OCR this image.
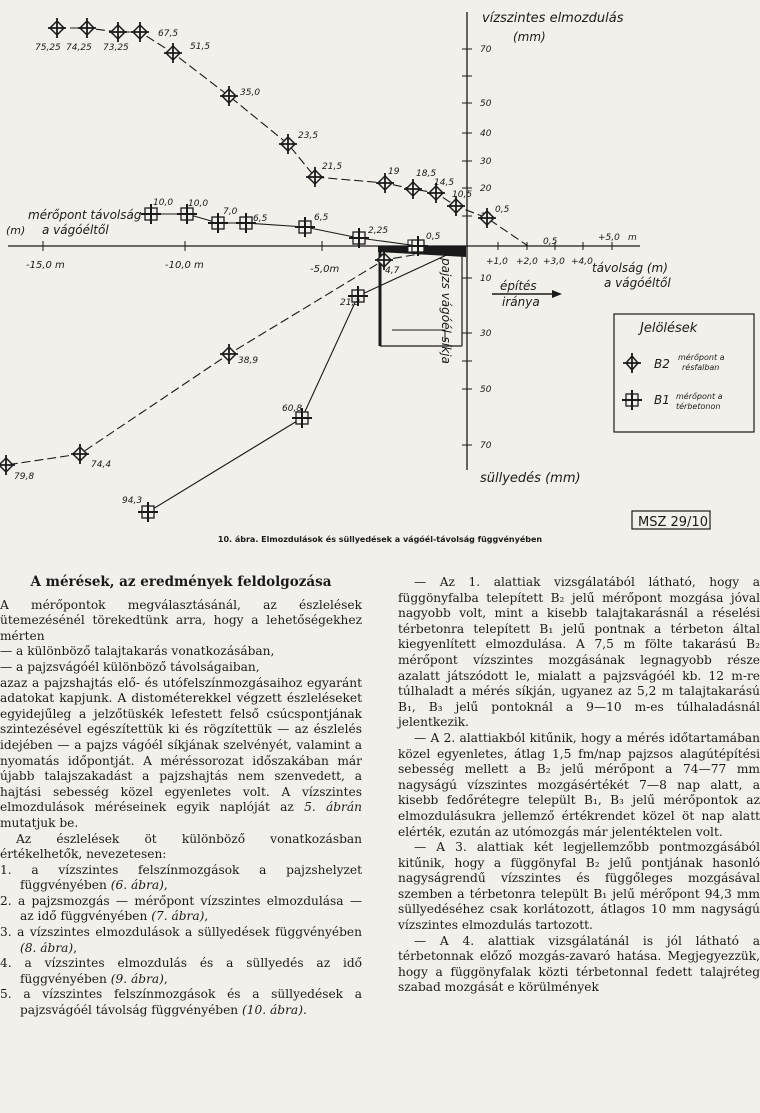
vízszintes elmozdulás
(mm)
süllyedés (mm)
70
50
40
30
20
10
30
50
70
-15,0 m	-10,0 m	-5,0m
+1,0 +2,0 +3,0 +4,0
+5,0 m
mérőpont távolság
(m) a vágóéltől
távolság (m)
a vágóéltől
építés
iránya
pajzs vágóél síkja	Jelölések
B2 mérőpont a
résfalban
B1 mérőpont a
térbetonon
MSZ 29/10
75,25 74,25 73,25
67,5
51,5
35,0
23,5
21,5	19 18,5
14,5
10,5
0,5
0,5
10,0 10,0
7,0
6,5	6,5
2,25
0,5
4,7
38,9
74,4
79,8
21,3
60,8
94,3
10. ábra. Elmozdulások és süllyedések a vágóél-távolság függvényében
A mérések, az eredmények feldolgozása

A mérőpontok megválasztásánál, az észlelések ütemezésénél törekedtünk arra, hogy a lehetőségekhez mérten

— a különböző talajtakarás vonatkozásában,

— a pajzsvágóél különböző távolságaiban,

azaz a pajzshajtás elő- és utófelszínmozgásaihoz egyaránt adatokat kapjunk. A distométerekkel végzett észleléseket egyidejűleg a jelzőtüskék lefestett felső csúcspontjának szintezésével egészítettük ki és rögzítettük — az észlelés idejében — a pajzs vágóél síkjának szelvényét, valamint a nyomatás időpontját. A méréssorozat időszakában már újabb talajszakadást a pajzshajtás nem szenvedett, a hajtási sebesség közel egyenletes volt. A vízszintes elmozdulások méréseinek egyik naplóját az 5. ábrán mutatjuk be.

Az észlelések öt különböző vonatkozásban értékelhetők, nevezetesen:

1. a vízszintes felszínmozgások a pajzshelyzet függvényében (6. ábra),
2. a pajzsmozgás — mérőpont vízszintes elmozdulása — az idő függvényében (7. ábra),
3. a vízszintes elmozdulások a süllyedések függvényében (8. ábra),
4. a vízszintes elmozdulás és a süllyedés az idő függvényében (9. ábra),
5. a vízszintes felszínmozgások és a süllyedések a pajzsvágóél távolság függvényében (10. ábra).

— Az 1. alattiak vizsgálatából látható, hogy a függönyfalba telepített B₂ jelű mérőpont mozgása jóval nagyobb volt, mint a kisebb talajtakarásnál a réselési térbetonra telepített B₁ jelű pontnak a térbeton által kiegyenlített elmozdulása. A 7,5 m fölte takarású B₂ mérőpont vízszintes mozgásának legnagyobb része azalatt játszódott le, mialatt a pajzsvágóél kb. 12 m-re túlhaladt a mérés síkján, ugyanez az 5,2 m talajtakarású B₁, B₃ jelű pontoknál a 9—10 m-es túlhaladásnál jelentkezik.

— A 2. alattiakból kitűnik, hogy a mérés időtartamában közel egyenletes, átlag 1,5 fm/nap pajzsos alagútépítési sebesség mellett a B₂ jelű mérőpont a 74—77 mm nagyságú vízszintes mozgásértékét 7—8 nap alatt, a kisebb fedőrétegre települt B₁, B₃ jelű mérőpontok az elmozdulásukra jellemző értékrendet közel öt nap alatt elérték, ezután az utómozgás már jelentéktelen volt.

— A 3. alattiak két legjellemzőbb pontmozgásából kitűnik, hogy a függönyfal B₂ jelű pontjának hasonló nagyságrendű vízszintes és függőleges mozgásával szemben a térbetonra települt B₁ jelű mérőpont 94,3 mm süllyedéséhez csak korlátozott, átlagos 10 mm nagyságú vízszintes elmozdulás tartozott.

— A 4. alattiak vizsgálatánál is jól látható a térbetonnak előző mozgás-zavaró hatása. Megjegyezzük, hogy a függönyfalak közti térbetonnal fedett talajréteg szabad mozgását e körülmények
